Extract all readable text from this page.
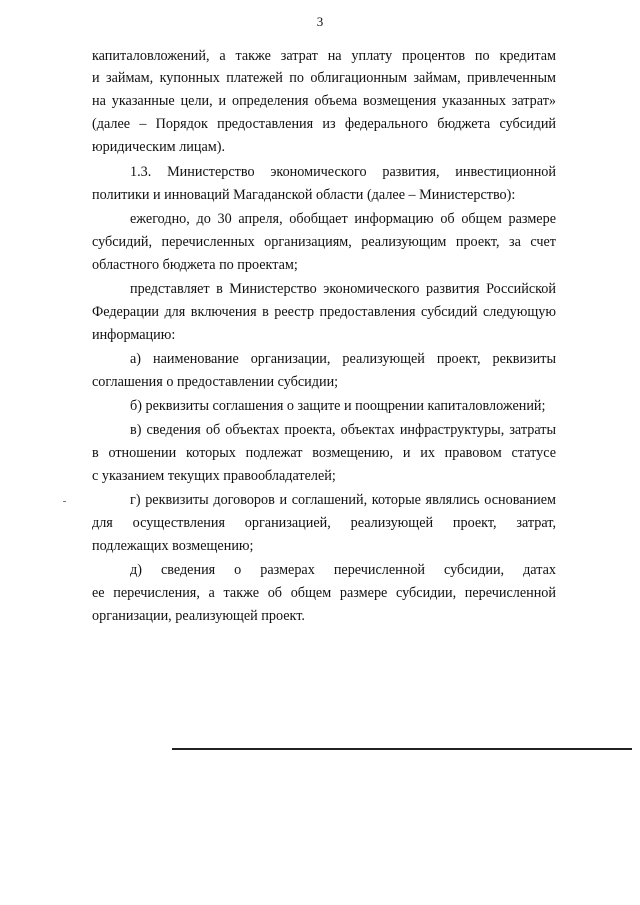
3
капиталовложений, а также затрат на уплату процентов по кредитам
и займам, купонных платежей по облигационным займам, привлеченным
на указанные цели, и определения объема возмещения указанных затрат»
(далее – Порядок предоставления из федерального бюджета субсидий
юридическим лицам).
1.3. Министерство экономического развития, инвестиционной
политики и инноваций Магаданской области (далее – Министерство):
ежегодно, до 30 апреля, обобщает информацию об общем размере
субсидий, перечисленных организациям, реализующим проект, за счет
областного бюджета по проектам;
представляет в Министерство экономического развития Российской
Федерации для включения в реестр предоставления субсидий следующую
информацию:
а) наименование организации, реализующей проект, реквизиты
соглашения о предоставлении субсидии;
б) реквизиты соглашения о защите и поощрении капиталовложений;
в) сведения об объектах проекта, объектах инфраструктуры, затраты
в отношении которых подлежат возмещению, и их правовом статусе
с указанием текущих правообладателей;
г) реквизиты договоров и соглашений, которые являлись основанием
для осуществления организацией, реализующей проект, затрат,
подлежащих возмещению;
д) сведения о размерах перечисленной субсидии, датах
ее перечисления, а также об общем размере субсидии, перечисленной
организации, реализующей проект.
